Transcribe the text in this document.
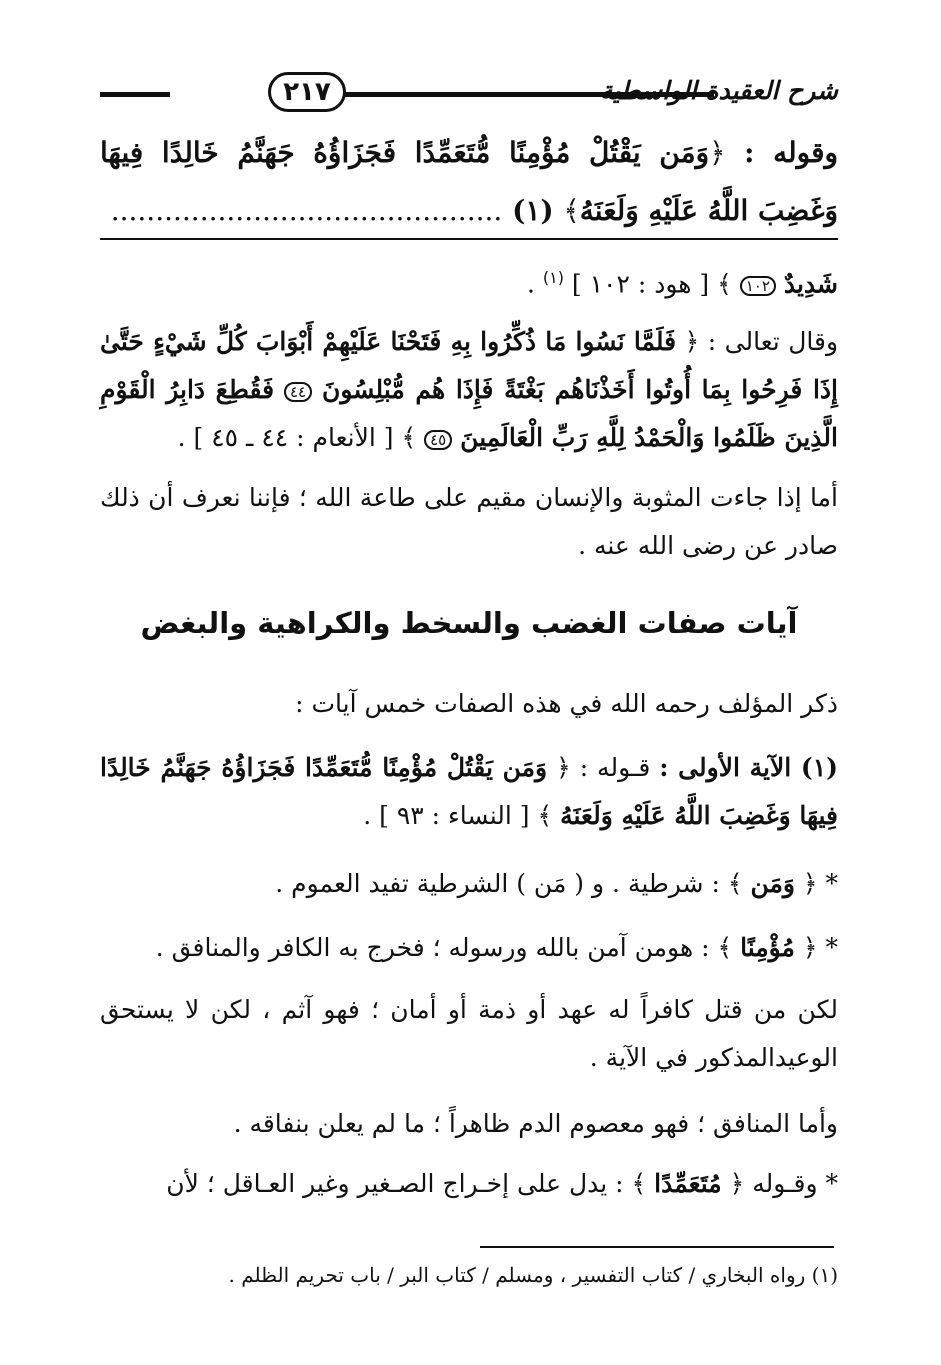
٢١٧	شرح العقيدة الواسطية
وقوله : ﴿وَمَن يَقْتُلْ مُؤْمِنًا مُّتَعَمِّدًا فَجَزَاؤُهُ جَهَنَّمُ خَالِدًا فِيهَا وَغَضِبَ اللَّهُ عَلَيْهِ وَلَعَنَهُ﴾ (١) ............................................
شَدِيدٌ ١٠٢ ﴾ [ هود : ١٠٢ ] $^{(١)}$ .
وقال تعالى : ﴿ فَلَمَّا نَسُوا مَا ذُكِّرُوا بِهِ فَتَحْنَا عَلَيْهِمْ أَبْوَابَ كُلِّ شَيْءٍ حَتَّىٰ إِذَا فَرِحُوا بِمَا أُوتُوا أَخَذْنَاهُم بَغْتَةً فَإِذَا هُم مُّبْلِسُونَ ٤٤ فَقُطِعَ دَابِرُ الْقَوْمِ الَّذِينَ ظَلَمُوا وَالْحَمْدُ لِلَّهِ رَبِّ الْعَالَمِينَ ٤٥ ﴾ [ الأنعام : ٤٤ ـ ٤٥ ] .
أما إذا جاءت المثوبة والإنسان مقيم على طاعة الله ؛ فإننا نعرف أن ذلك صادر عن رضى الله عنه .
آيات صفات الغضب والسخط والكراهية والبغض
ذكر المؤلف رحمه الله في هذه الصفات خمس آيات :
(١) الآية الأولى : قـوله : ﴿ وَمَن يَقْتُلْ مُؤْمِنًا مُّتَعَمِّدًا فَجَزَاؤُهُ جَهَنَّمُ خَالِدًا فِيهَا وَغَضِبَ اللَّهُ عَلَيْهِ وَلَعَنَهُ ﴾ [ النساء : ٩٣ ] .
* ﴿ وَمَن ﴾ : شرطية . و ( مَن ) الشرطية تفيد العموم .
* ﴿ مُؤْمِنًا ﴾ : هومن آمن بالله ورسوله ؛ فخرج به الكافر والمنافق .
لكن من قتل كافراً له عهد أو ذمة أو أمان ؛ فهو آثم ، لكن لا يستحق الوعيدالمذكور في الآية .
وأما المنافق ؛ فهو معصوم الدم ظاهراً ؛ ما لم يعلن بنفاقه .
* وقـوله ﴿ مُتَعَمِّدًا ﴾ : يدل على إخـراج الصـغير وغير العـاقل ؛ لأن
(١) رواه البخاري / كتاب التفسير ، ومسلم / كتاب البر / باب تحريم الظلم .
